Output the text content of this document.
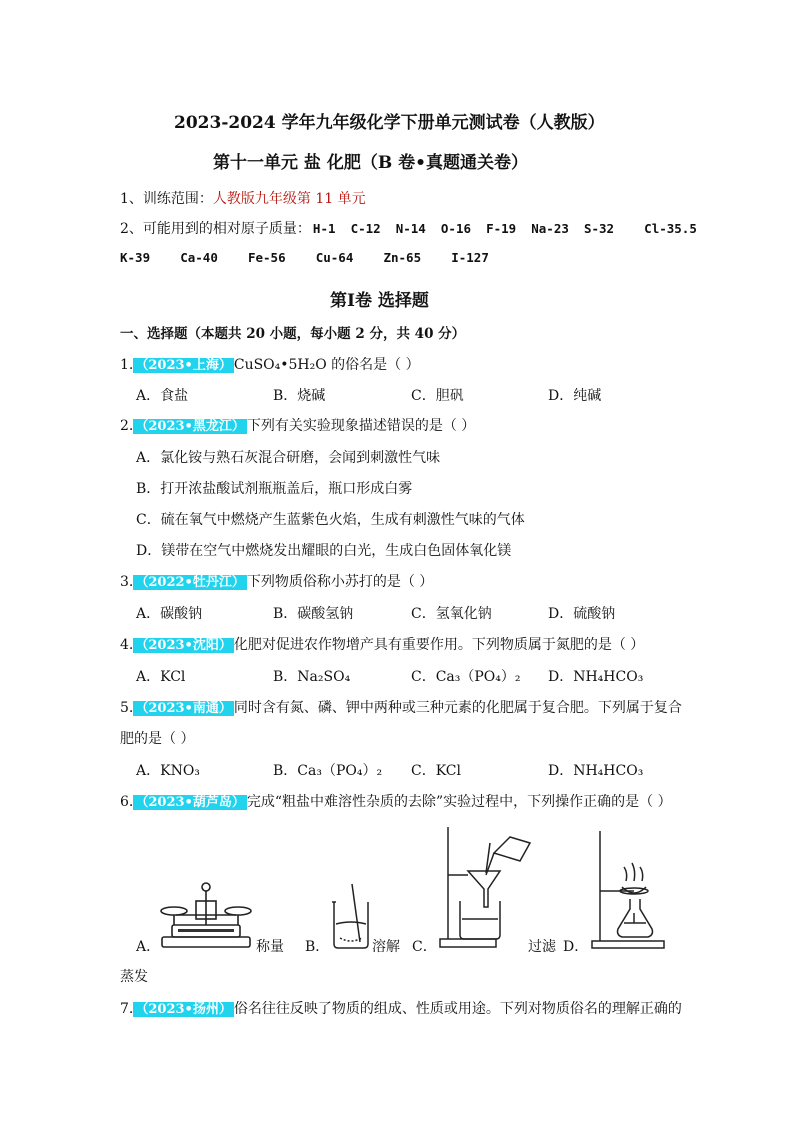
2023-2024 学年九年级化学下册单元测试卷（人教版）
第十一单元 盐 化肥（B 卷•真题通关卷）
1、训练范围：人教版九年级第 11 单元
2、可能用到的相对原子质量： H-1 C-12 N-14 O-16 F-19 Na-23 S-32 Cl-35.5
K-39 Ca-40 Fe-56 Cu-64 Zn-65 I-127
第Ⅰ卷 选择题
一、选择题（本题共 20 小题，每小题 2 分，共 40 分）
1. （2023•上海） CuSO₄•5H₂O 的俗名是（ ）
A．食盐	B．烧碱	C．胆矾	D．纯碱
2. （2023•黑龙江） 下列有关实验现象描述错误的是（ ）
A．氯化铵与熟石灰混合研磨，会闻到刺激性气味
B．打开浓盐酸试剂瓶瓶盖后，瓶口形成白雾
C．硫在氧气中燃烧产生蓝紫色火焰，生成有刺激性气味的气体
D．镁带在空气中燃烧发出耀眼的白光，生成白色固体氧化镁
3. （2022•牡丹江） 下列物质俗称小苏打的是（ ）
A．碳酸钠	B．碳酸氢钠	C．氢氧化钠	D．硫酸钠
4. （2023•沈阳） 化肥对促进农作物增产具有重要作用。下列物质属于氮肥的是（ ）
A．KCl	B．Na₂SO₄	C．Ca₃（PO₄）₂ D．NH₄HCO₃
5. （2023•南通） 同时含有氮、磷、钾中两种或三种元素的化肥属于复合肥。下列属于复合
肥的是（ ）
A．KNO₃	B．Ca₃（PO₄）₂ C．KCl	D．NH₄HCO₃
6. （2023•葫芦岛） 完成“粗盐中难溶性杂质的去除”实验过程中，下列操作正确的是（ ）
A．	称量 B．	溶解 C．	过滤 D．
蒸发
7. （2023•扬州） 俗名往往反映了物质的组成、性质或用途。下列对物质俗名的理解正确的
